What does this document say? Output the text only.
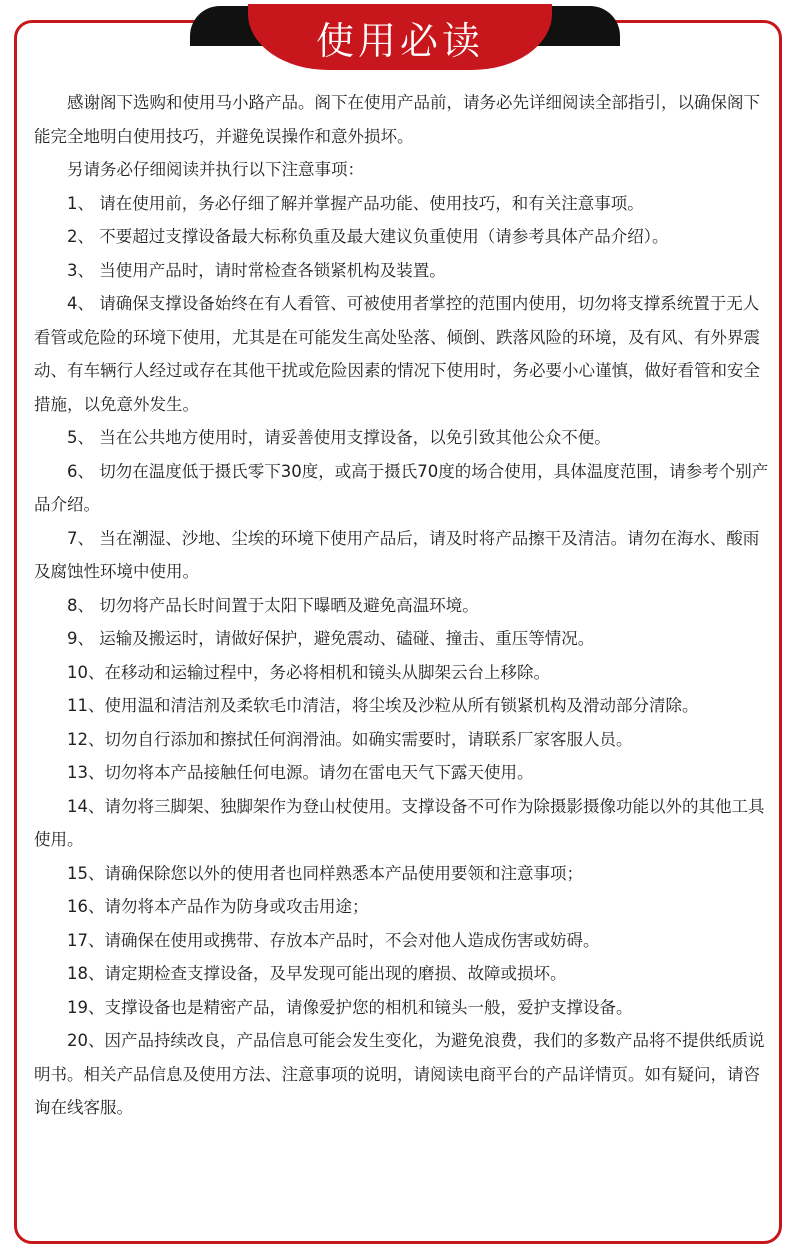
使用必读

感谢阁下选购和使用马小路产品。阁下在使用产品前，请务必先详细阅读全部指引，以确保阁下能完全地明白使用技巧，并避免误操作和意外损坏。

另请务必仔细阅读并执行以下注意事项：

1、 请在使用前，务必仔细了解并掌握产品功能、使用技巧，和有关注意事项。

2、 不要超过支撑设备最大标称负重及最大建议负重使用（请参考具体产品介绍）。

3、 当使用产品时，请时常检查各锁紧机构及装置。

4、 请确保支撑设备始终在有人看管、可被使用者掌控的范围内使用，切勿将支撑系统置于无人看管或危险的环境下使用，尤其是在可能发生高处坠落、倾倒、跌落风险的环境，及有风、有外界震动、有车辆行人经过或存在其他干扰或危险因素的情况下使用时，务必要小心谨慎，做好看管和安全措施，以免意外发生。

5、 当在公共地方使用时，请妥善使用支撑设备，以免引致其他公众不便。

6、 切勿在温度低于摄氏零下30度，或高于摄氏70度的场合使用，具体温度范围，请参考个别产品介绍。

7、 当在潮湿、沙地、尘埃的环境下使用产品后，请及时将产品擦干及清洁。请勿在海水、酸雨及腐蚀性环境中使用。

8、 切勿将产品长时间置于太阳下曝晒及避免高温环境。

9、 运输及搬运时，请做好保护，避免震动、磕碰、撞击、重压等情况。

10、在移动和运输过程中，务必将相机和镜头从脚架云台上移除。

11、使用温和清洁剂及柔软毛巾清洁，将尘埃及沙粒从所有锁紧机构及滑动部分清除。

12、切勿自行添加和擦拭任何润滑油。如确实需要时，请联系厂家客服人员。

13、切勿将本产品接触任何电源。请勿在雷电天气下露天使用。

14、请勿将三脚架、独脚架作为登山杖使用。支撑设备不可作为除摄影摄像功能以外的其他工具使用。

15、请确保除您以外的使用者也同样熟悉本产品使用要领和注意事项；

16、请勿将本产品作为防身或攻击用途；

17、请确保在使用或携带、存放本产品时，不会对他人造成伤害或妨碍。

18、请定期检查支撑设备，及早发现可能出现的磨损、故障或损坏。

19、支撑设备也是精密产品，请像爱护您的相机和镜头一般，爱护支撑设备。

20、因产品持续改良，产品信息可能会发生变化，为避免浪费，我们的多数产品将不提供纸质说明书。相关产品信息及使用方法、注意事项的说明，请阅读电商平台的产品详情页。如有疑问，请咨询在线客服。
